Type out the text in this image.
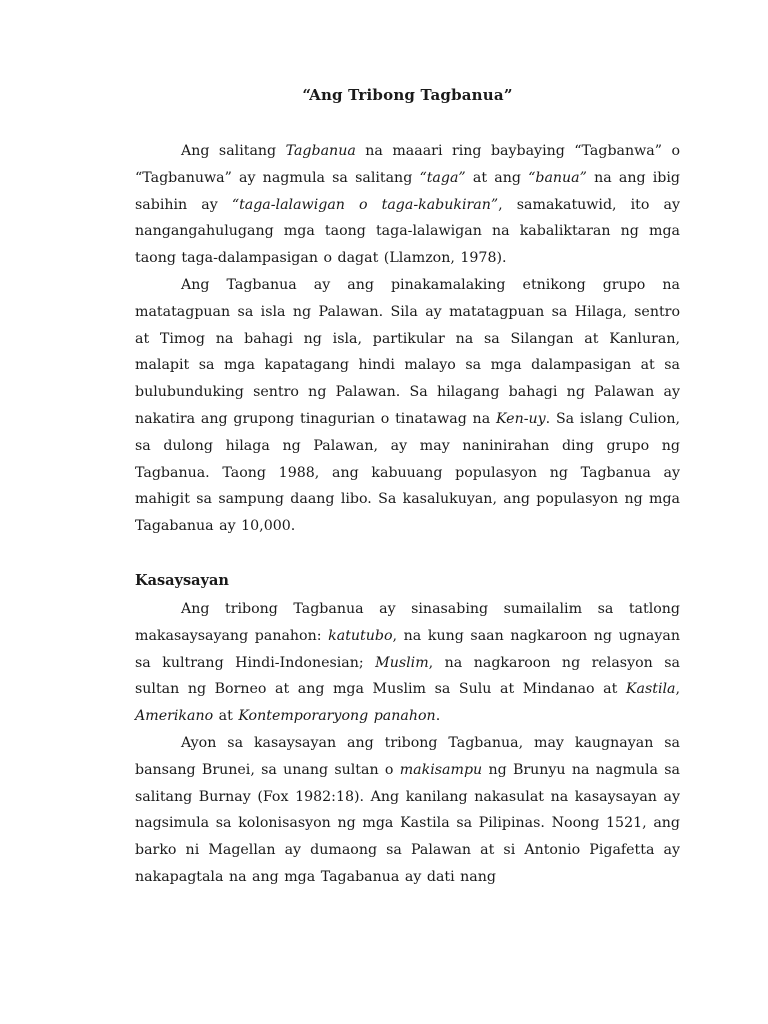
“Ang Tribong Tagbanua”

Ang salitang Tagbanua na maaari ring baybaying “Tagbanwa” o “Tagbanuwa” ay nagmula sa salitang “taga” at ang “banua” na ang ibig sabihin ay “taga-lalawigan o taga-kabukiran”, samakatuwid, ito ay nangangahulugang mga taong taga-lalawigan na kabaliktaran ng mga taong taga-dalampasigan o dagat (Llamzon, 1978).

Ang Tagbanua ay ang pinakamalaking etnikong grupo na matatagpuan sa isla ng Palawan. Sila ay matatagpuan sa Hilaga, sentro at Timog na bahagi ng isla, partikular na sa Silangan at Kanluran, malapit sa mga kapatagang hindi malayo sa mga dalampasigan at sa bulubunduking sentro ng Palawan. Sa hilagang bahagi ng Palawan ay nakatira ang grupong tinagurian o tinatawag na Ken-uy. Sa islang Culion, sa dulong hilaga ng Palawan, ay may naninirahan ding grupo ng Tagbanua. Taong 1988, ang kabuuang populasyon ng Tagbanua ay mahigit sa sampung daang libo. Sa kasalukuyan, ang populasyon ng mga Tagabanua ay 10,000.

Kasaysayan

Ang tribong Tagbanua ay sinasabing sumailalim sa tatlong makasaysayang panahon: katutubo, na kung saan nagkaroon ng ugnayan sa kultrang Hindi-Indonesian; Muslim, na nagkaroon ng relasyon sa sultan ng Borneo at ang mga Muslim sa Sulu at Mindanao at Kastila, Amerikano at Kontemporaryong panahon.

Ayon sa kasaysayan ang tribong Tagbanua, may kaugnayan sa bansang Brunei, sa unang sultan o makisampu ng Brunyu na nagmula sa salitang Burnay (Fox 1982:18). Ang kanilang nakasulat na kasaysayan ay nagsimula sa kolonisasyon ng mga Kastila sa Pilipinas. Noong 1521, ang barko ni Magellan ay dumaong sa Palawan at si Antonio Pigafetta ay nakapagtala na ang mga Tagabanua ay dati nang
